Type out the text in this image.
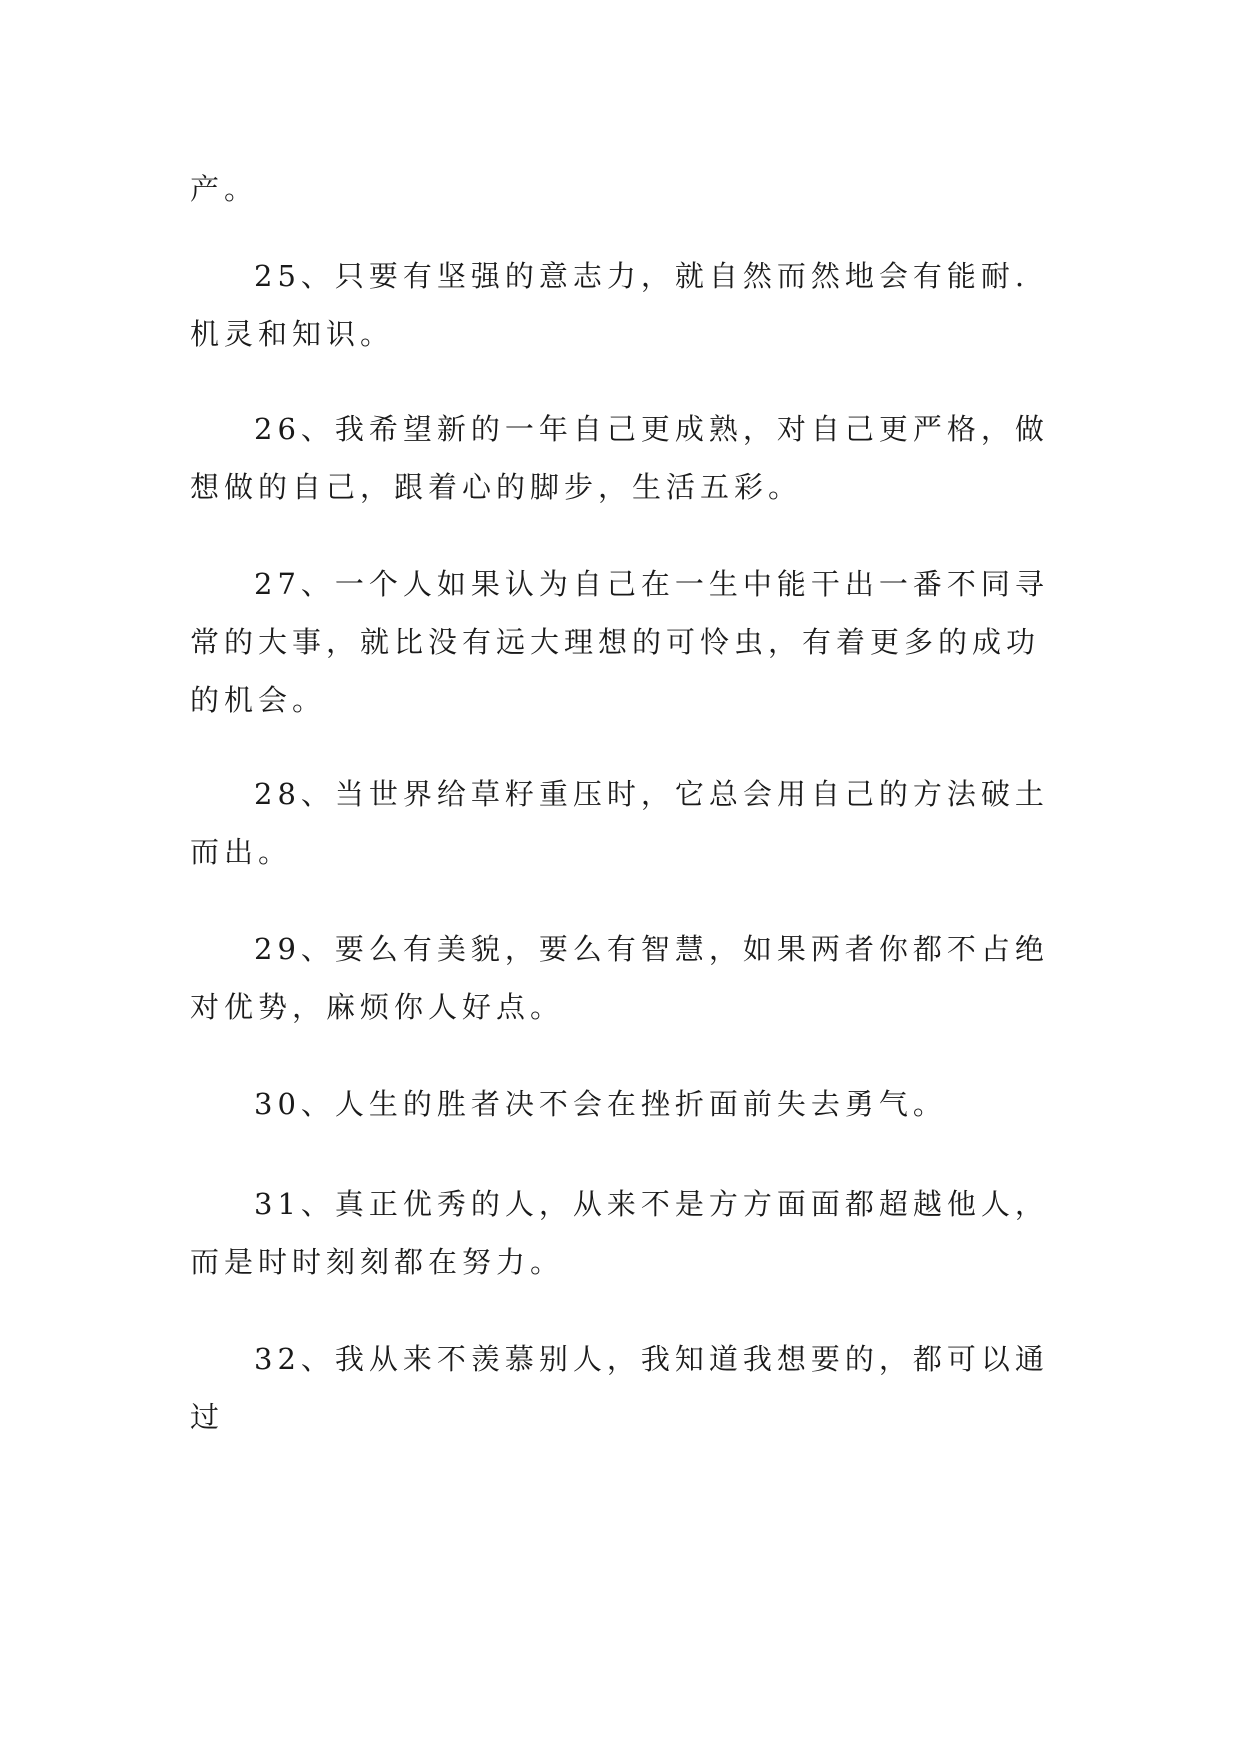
产。

25、只要有坚强的意志力，就自然而然地会有能耐.机灵和知识。

26、我希望新的一年自己更成熟，对自己更严格，做想做的自己，跟着心的脚步，生活五彩。

27、一个人如果认为自己在一生中能干出一番不同寻常的大事，就比没有远大理想的可怜虫，有着更多的成功的机会。

28、当世界给草籽重压时，它总会用自己的方法破土而出。

29、要么有美貌，要么有智慧，如果两者你都不占绝对优势，麻烦你人好点。

30、人生的胜者决不会在挫折面前失去勇气。

31、真正优秀的人，从来不是方方面面都超越他人，而是时时刻刻都在努力。

32、我从来不羡慕别人，我知道我想要的，都可以通过
